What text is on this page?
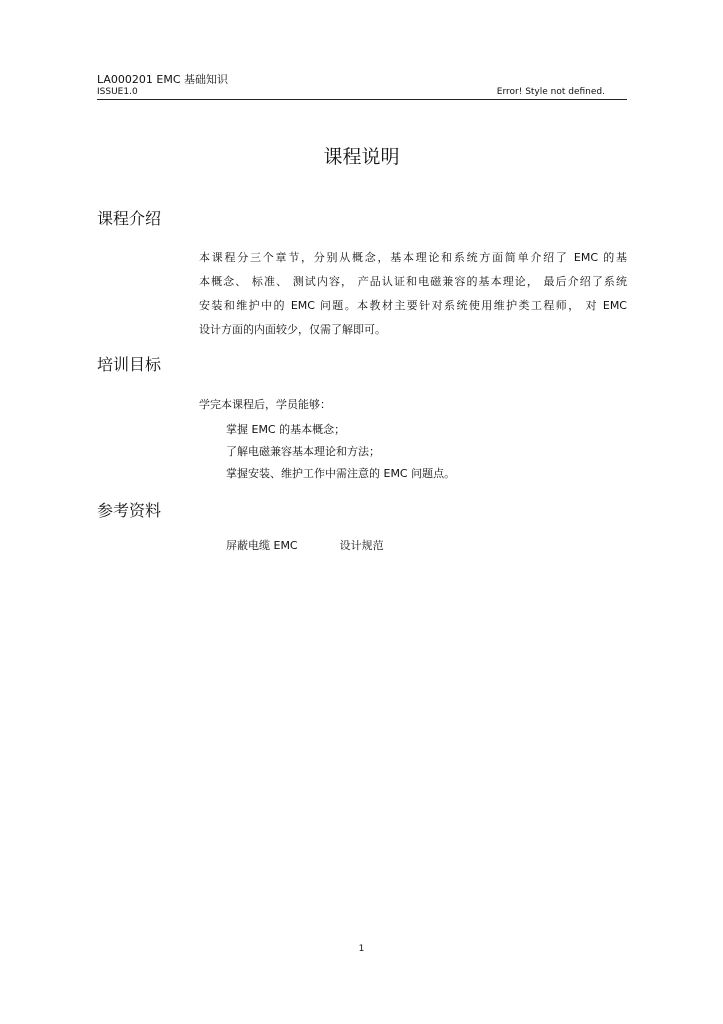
LA000201 EMC 基础知识
ISSUE1.0	Error! Style not defined.
课程说明
课程介绍

本课程分三个章节，分别从概念，基本理论和系统方面简单介绍了 EMC 的基
本概念、 标准、 测试内容， 产品认证和电磁兼容的基本理论， 最后介绍了系统
安装和维护中的 EMC 问题。本教材主要针对系统使用维护类工程师， 对 EMC
设计方面的内面较少，仅需了解即可。

培训目标
学完本课程后，学员能够：
掌握 EMC 的基本概念；
了解电磁兼容基本理论和方法；
掌握安装、维护工作中需注意的 EMC 问题点。
参考资料
屏蔽电缆 EMC	设计规范
1
